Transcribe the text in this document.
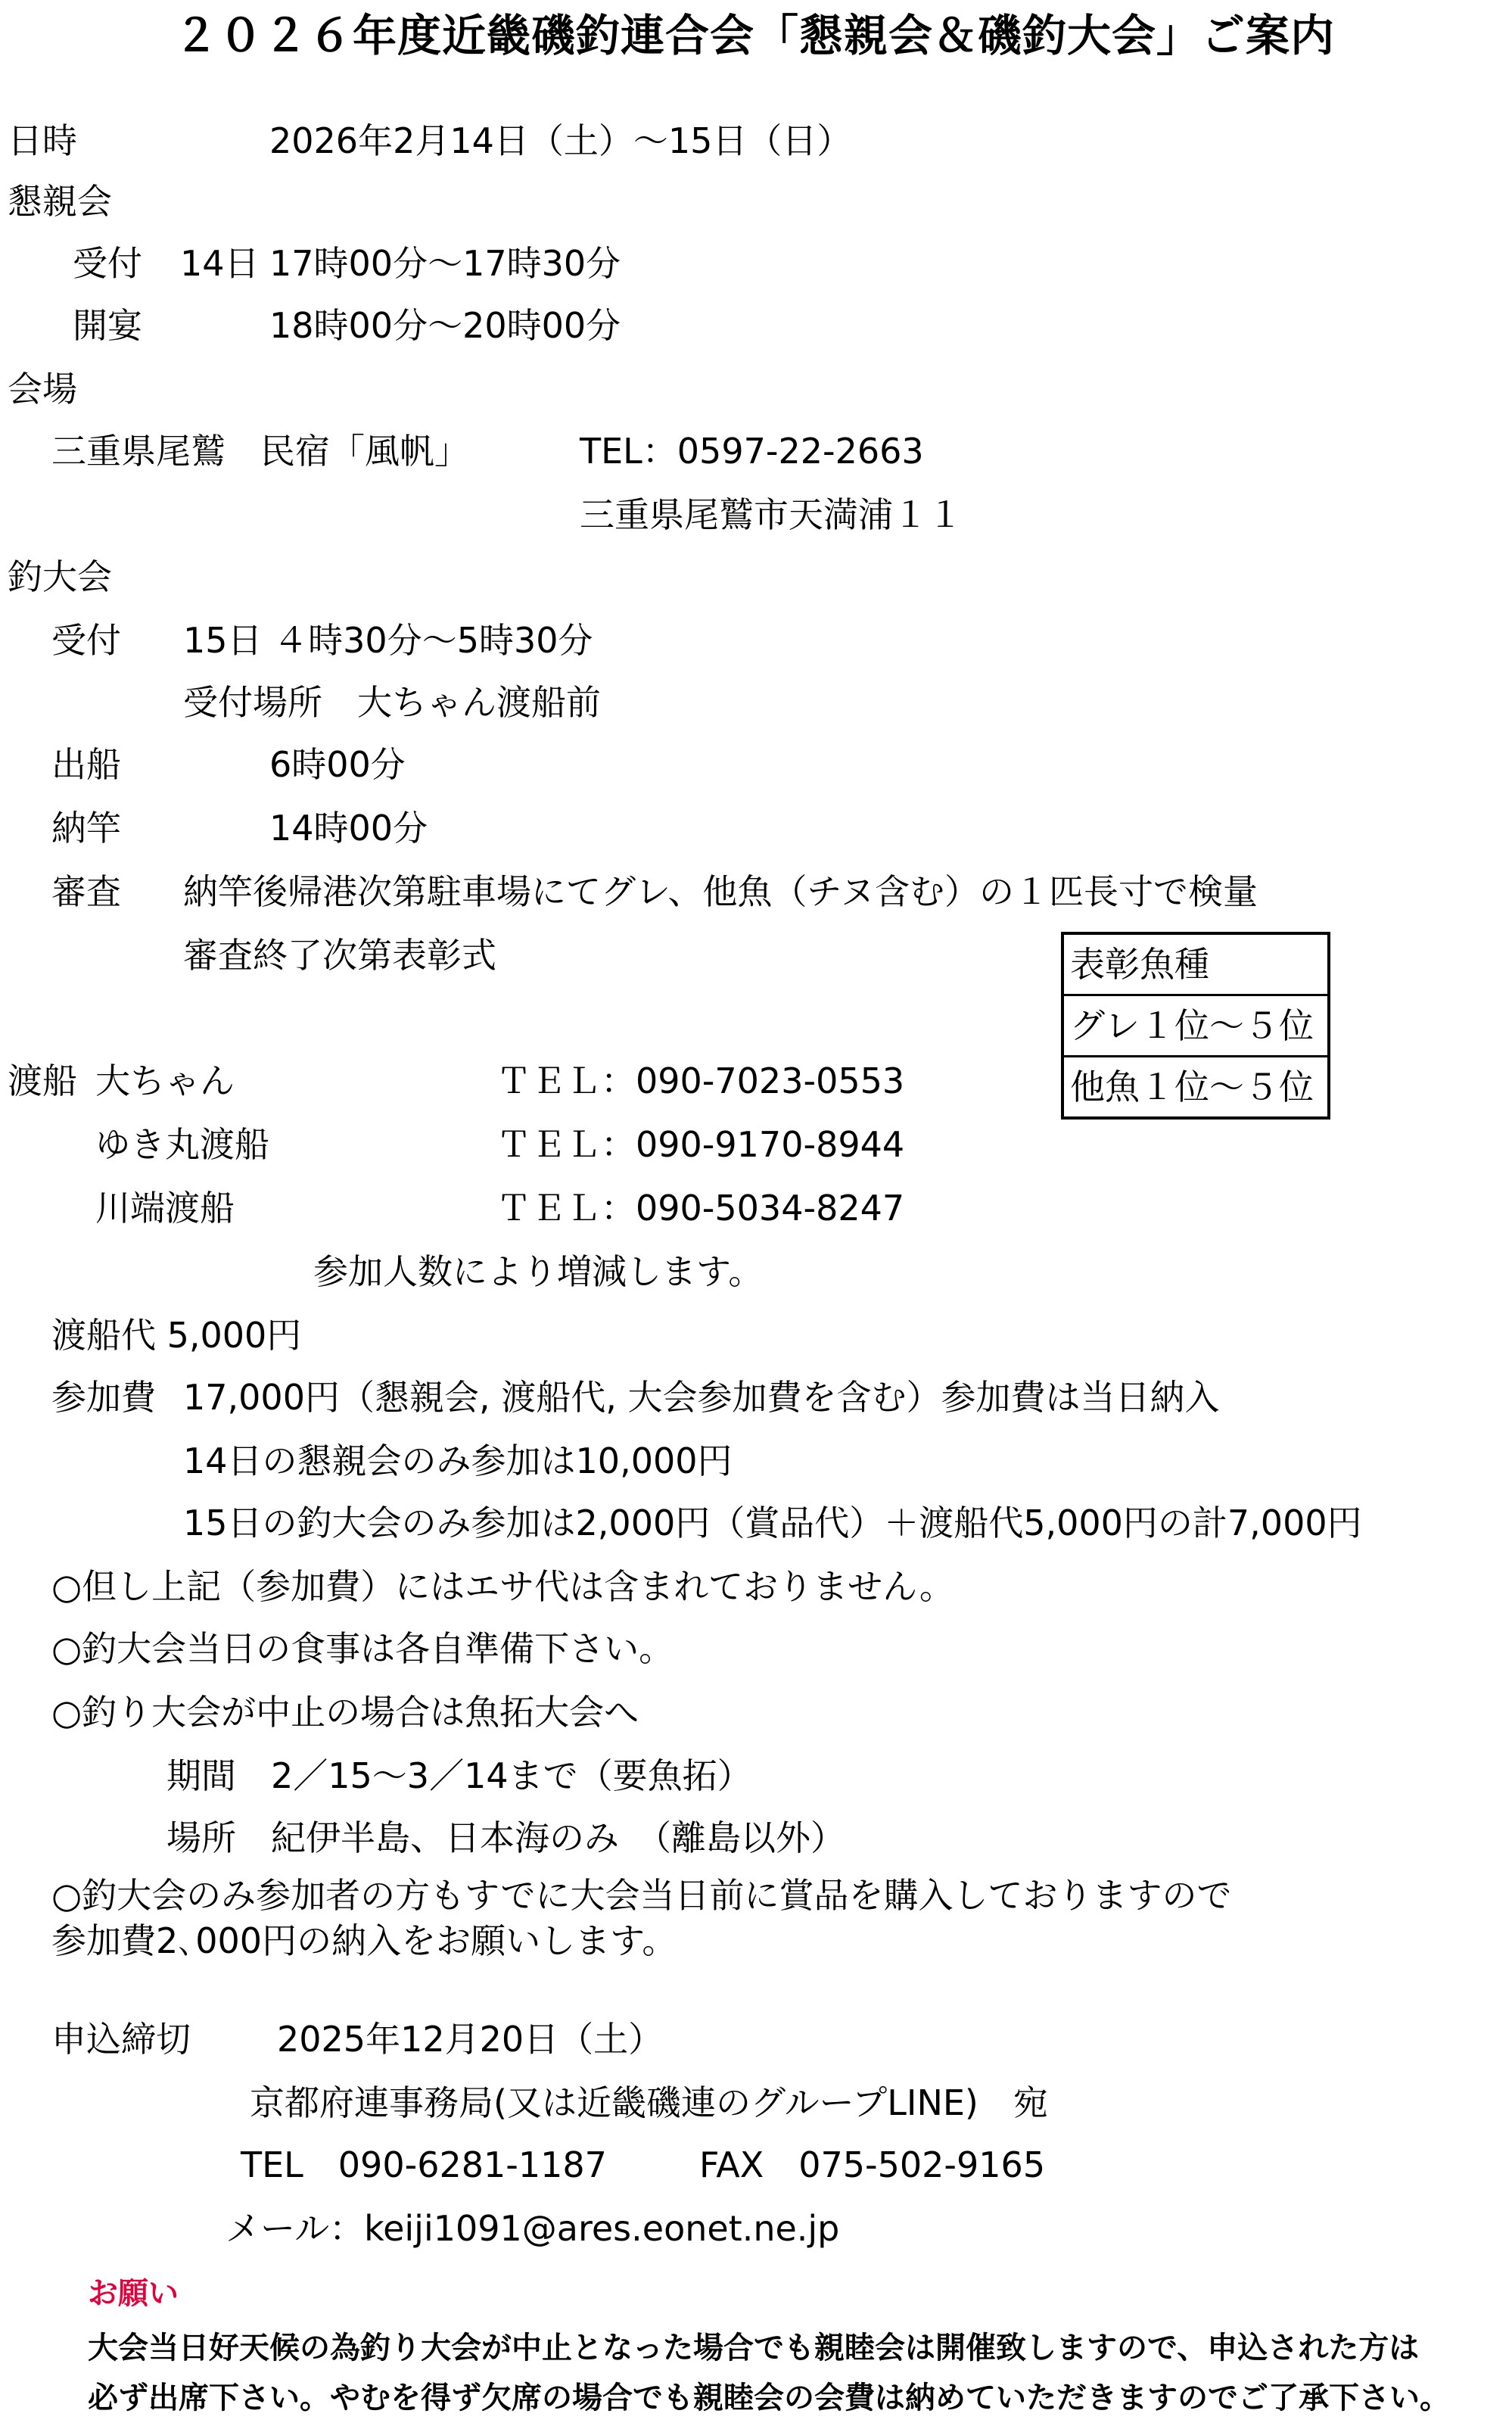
２０２６年度近畿磯釣連合会「懇親会＆磯釣大会」ご案内
日時	2026年2月14日（土）～15日（日）
懇親会
受付 14日 17時00分～17時30分
開宴	18時00分～20時00分
会場
三重県尾鷲　民宿「風帆」	TEL：0597-22-2663
三重県尾鷲市天満浦１１
釣大会
受付 15日 ４時30分～5時30分
受付場所　大ちゃん渡船前
出船	6時00分
納竿	14時00分
審査 納竿後帰港次第駐車場にてグレ、他魚（チヌ含む）の１匹長寸で検量
審査終了次第表彰式	表彰魚種
グレ１位～５位
他魚１位～５位
渡船 大ちゃん	ＴＥＬ：090-7023-0553
ゆき丸渡船	ＴＥＬ：090-9170-8944
川端渡船	ＴＥＬ：090-5034-8247
参加人数により増減します。
渡船代 5,000円
参加費 17,000円（懇親会, 渡船代, 大会参加費を含む）参加費は当日納入
14日の懇親会のみ参加は10,000円
15日の釣大会のみ参加は2,000円（賞品代）＋渡船代5,000円の計7,000円
○但し上記（参加費）にはエサ代は含まれておりません。
○釣大会当日の食事は各自準備下さい。
○釣り大会が中止の場合は魚拓大会へ
期間　2／15～3／14まで（要魚拓）
場所　紀伊半島、日本海のみ　（離島以外）
○釣大会のみ参加者の方もすでに大会当日前に賞品を購入しておりますので
参加費2､000円の納入をお願いします。
申込締切 2025年12月20日（土）
京都府連事務局(又は近畿磯連のグループLINE)　宛
TEL　090-6281-1187	FAX　075-502-9165
メール：keiji1091@ares.eonet.ne.jp
お願い
大会当日好天候の為釣り大会が中止となった場合でも親睦会は開催致しますので、申込された方は
必ず出席下さい。やむを得ず欠席の場合でも親睦会の会費は納めていただきますのでご了承下さい。
